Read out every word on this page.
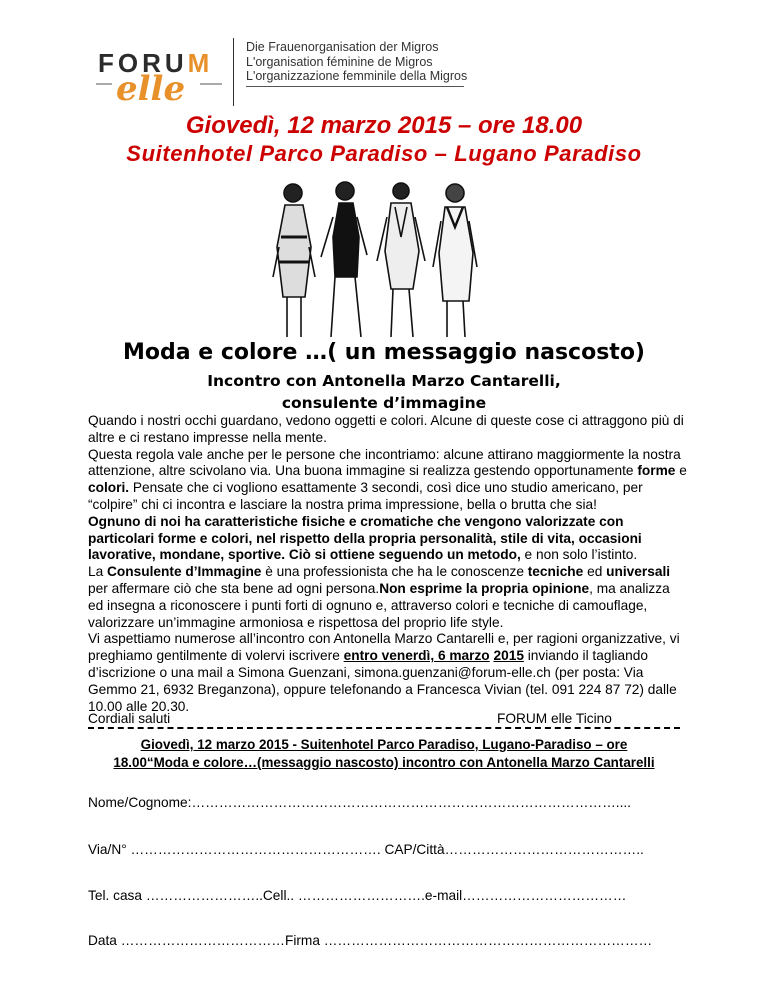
FORUM
elle
Die Frauenorganisation der Migros
L'organisation féminine de Migros
L'organizzazione femminile della Migros
Giovedì, 12 marzo 2015 – ore 18.00
Suitenhotel Parco Paradiso – Lugano Paradiso
Moda e colore …( un messaggio nascosto)
Incontro con Antonella Marzo Cantarelli,
consulente d’immagine

Quando i nostri occhi guardano, vedono oggetti e colori. Alcune di queste cose ci attraggono più di altre e ci restano impresse nella mente.

Questa regola vale anche per le persone che incontriamo: alcune attirano maggiormente la nostra attenzione, altre scivolano via. Una buona immagine si realizza gestendo opportunamente forme e colori. Pensate che ci vogliono esattamente 3 secondi, così dice uno studio americano, per “colpire” chi ci incontra e lasciare la nostra prima impressione, bella o brutta che sia!

Ognuno di noi ha caratteristiche fisiche e cromatiche che vengono valorizzate con particolari forme e colori, nel rispetto della propria personalità, stile di vita, occasioni lavorative, mondane, sportive. Ciò si ottiene seguendo un metodo, e non solo l’istinto.

La Consulente d’Immagine è una professionista che ha le conoscenze tecniche ed universali per affermare ciò che sta bene ad ogni persona.Non esprime la propria opinione, ma analizza ed insegna a riconoscere i punti forti di ognuno e, attraverso colori e tecniche di camouflage, valorizzare un’immagine armoniosa e rispettosa del proprio life style.

Vi aspettiamo numerose all’incontro con Antonella Marzo Cantarelli e, per ragioni organizzative, vi preghiamo gentilmente di volervi iscrivere entro venerdì, 6 marzo 2015 inviando il tagliando d’iscrizione o una mail a Simona Guenzani, simona.guenzani@forum-elle.ch (per posta: Via Gemmo 21, 6932 Breganzona), oppure telefonando a Francesca Vivian (tel. 091 224 87 72) dalle 10.00 alle 20.30.

Cordiali saluti	FORUM elle Ticino
Giovedì, 12 marzo 2015 - Suitenhotel Parco Paradiso, Lugano-Paradiso – ore
18.00“Moda e colore…(messaggio nascosto) incontro con Antonella Marzo Cantarelli
Nome/Cognome:…………………………………………………………………………………....
Via/N° ………………………………………………. CAP/Città……………………………………..
Tel. casa ……………………..Cell.. ……………………….e-mail………………………………
Data ………………………………Firma ………………………………………………………………
